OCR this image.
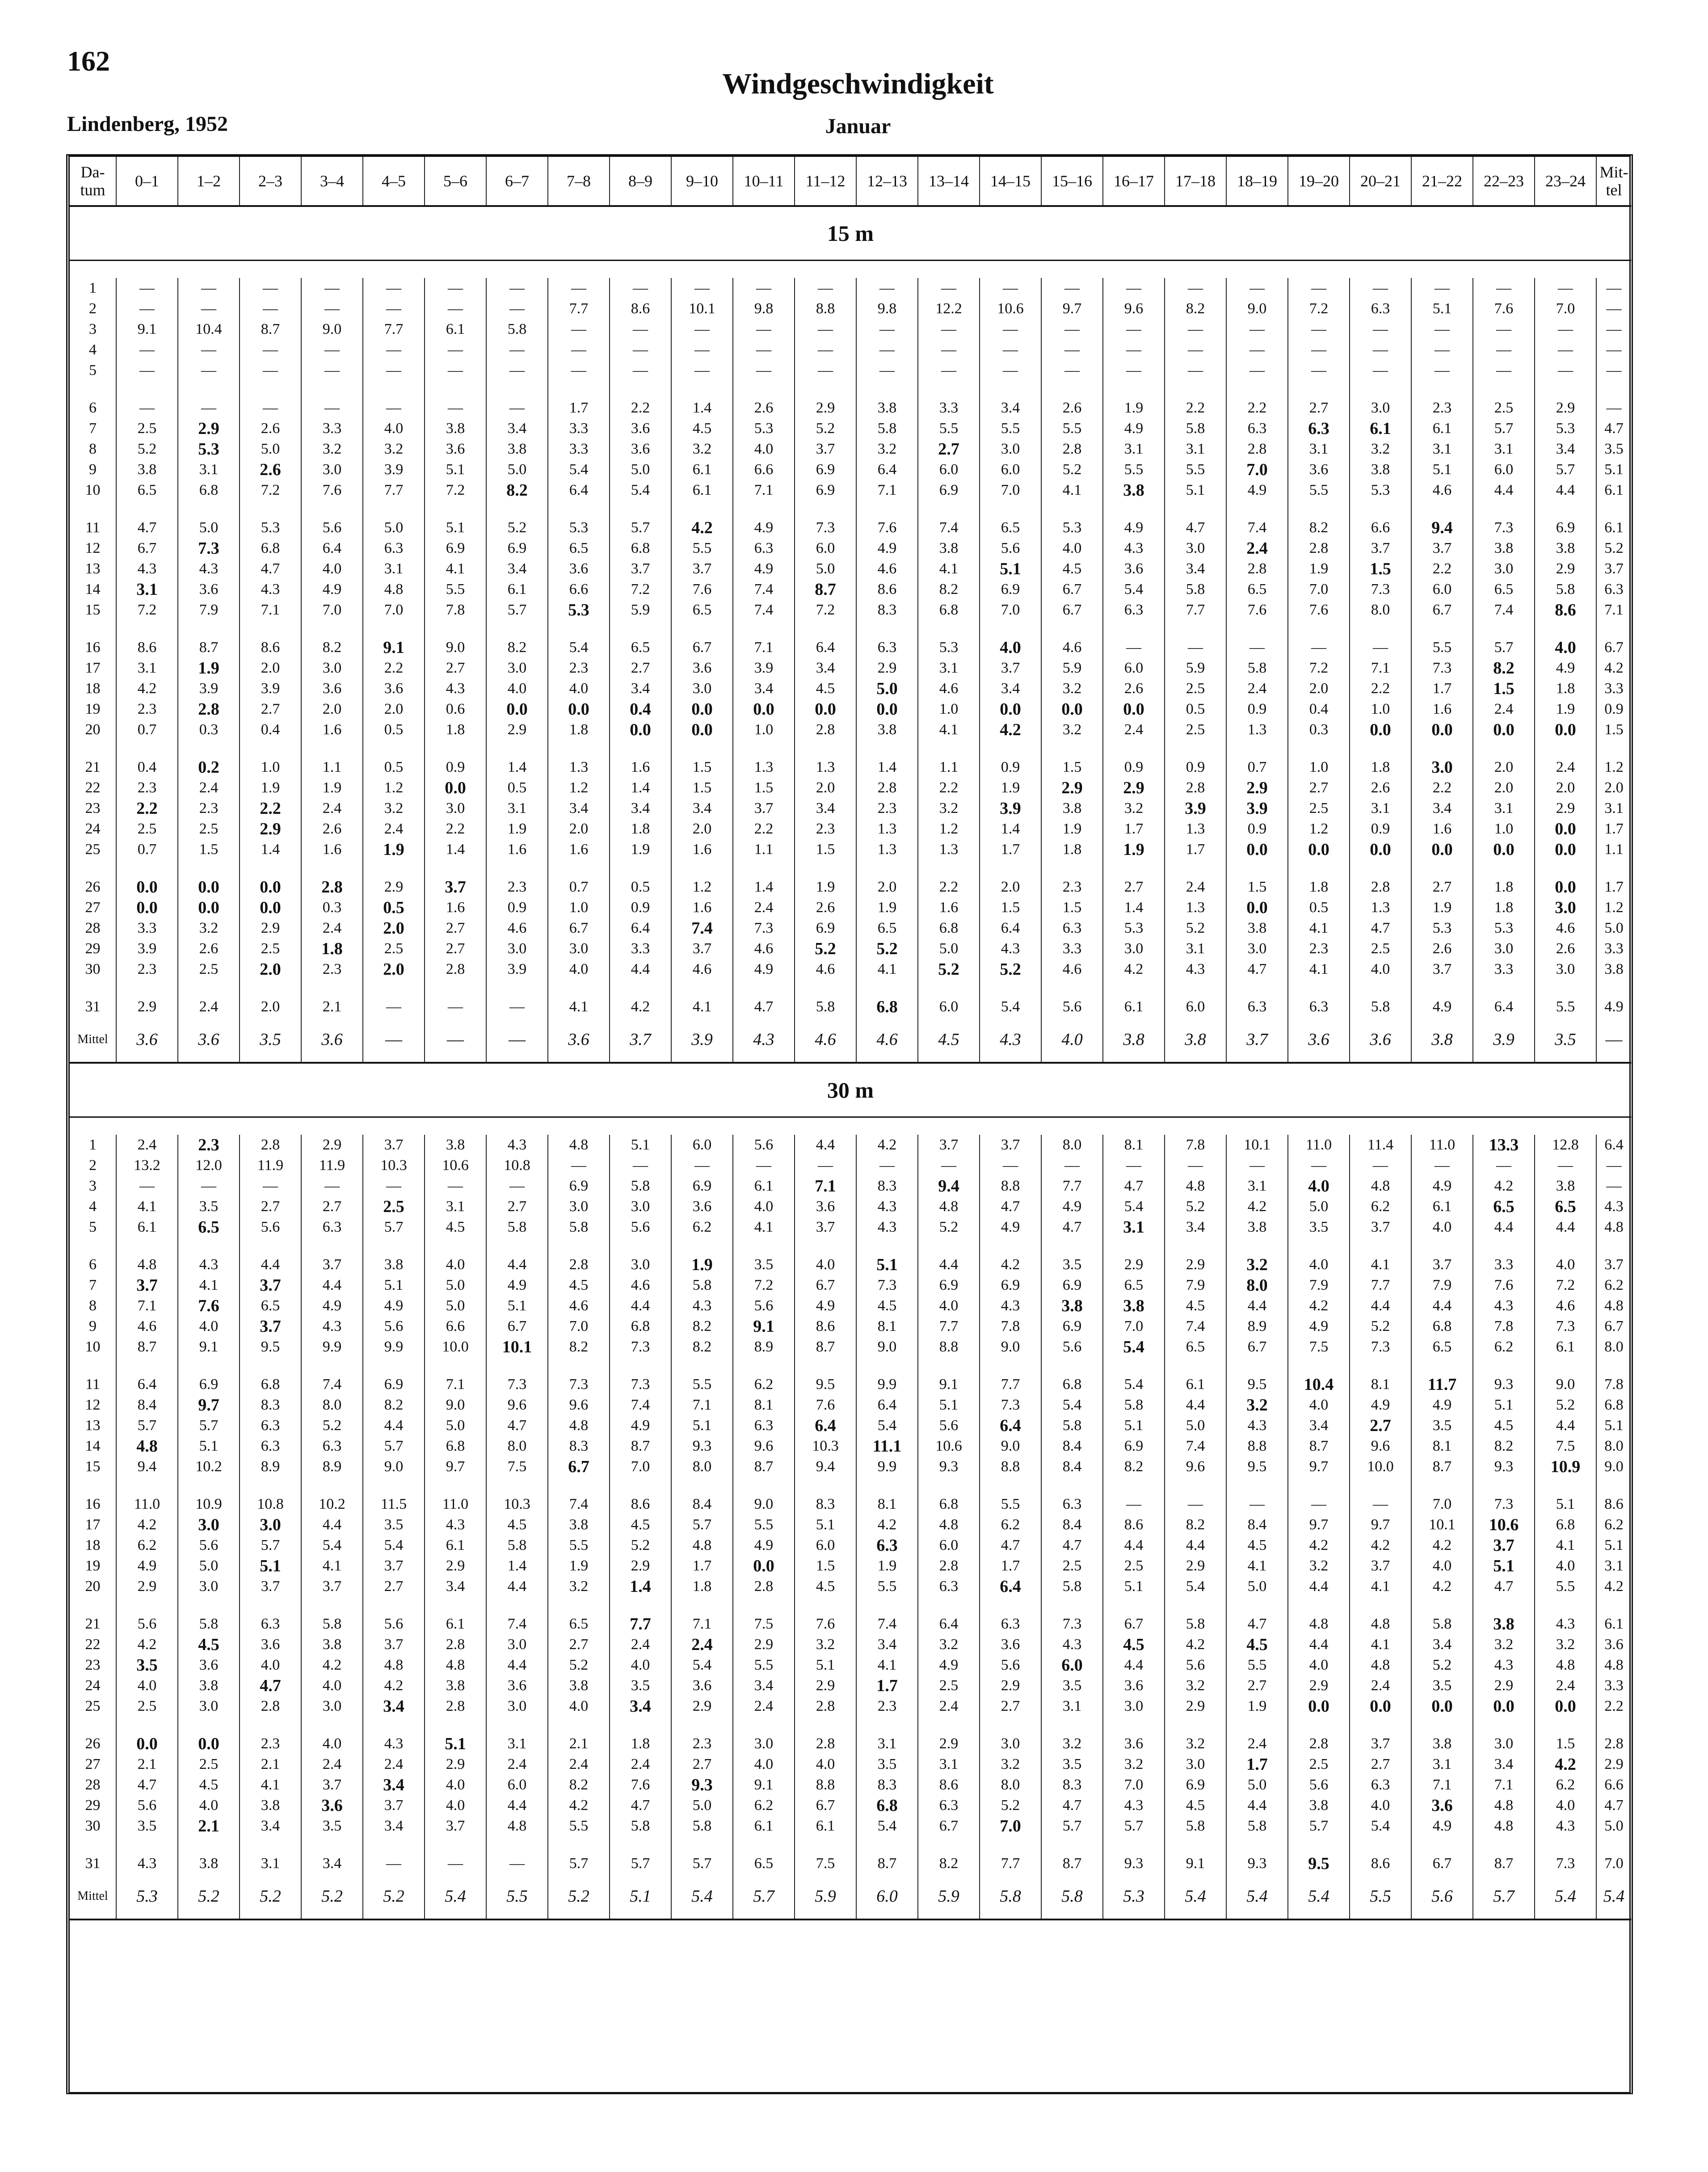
162
Lindenberg, 1952
Windgeschwindigkeit
Januar
Da-
tum	0–1	1–2	2–3	3–4	4–5	5–6	6–7	7–8	8–9	9–10	10–11	11–12	12–13	13–14	14–15	15–16	16–17	17–18	18–19	19–20	20–21	21–22	22–23	23–24	Mit-
tel
15 m																									

1	—	—	—	—	—	—	—	—	—	—	—	—	—	—	—	—	—	—	—	—	—	—	—	—	—
2	—	—	—	—	—	—	—	7.7	8.6	10.1	9.8	8.8	9.8	12.2	10.6	9.7	9.6	8.2	9.0	7.2	6.3	5.1	7.6	7.0	—
3	9.1	10.4	8.7	9.0	7.7	6.1	5.8	—	—	—	—	—	—	—	—	—	—	—	—	—	—	—	—	—	—
4	—	—	—	—	—	—	—	—	—	—	—	—	—	—	—	—	—	—	—	—	—	—	—	—	—
5	—	—	—	—	—	—	—	—	—	—	—	—	—	—	—	—	—	—	—	—	—	—	—	—	—

6	—	—	—	—	—	—	—	1.7	2.2	1.4	2.6	2.9	3.8	3.3	3.4	2.6	1.9	2.2	2.2	2.7	3.0	2.3	2.5	2.9	—
7	2.5	2.9	2.6	3.3	4.0	3.8	3.4	3.3	3.6	4.5	5.3	5.2	5.8	5.5	5.5	5.5	4.9	5.8	6.3	6.3	6.1	6.1	5.7	5.3	4.7
8	5.2	5.3	5.0	3.2	3.2	3.6	3.8	3.3	3.6	3.2	4.0	3.7	3.2	2.7	3.0	2.8	3.1	3.1	2.8	3.1	3.2	3.1	3.1	3.4	3.5
9	3.8	3.1	2.6	3.0	3.9	5.1	5.0	5.4	5.0	6.1	6.6	6.9	6.4	6.0	6.0	5.2	5.5	5.5	7.0	3.6	3.8	5.1	6.0	5.7	5.1
10	6.5	6.8	7.2	7.6	7.7	7.2	8.2	6.4	5.4	6.1	7.1	6.9	7.1	6.9	7.0	4.1	3.8	5.1	4.9	5.5	5.3	4.6	4.4	4.4	6.1

11	4.7	5.0	5.3	5.6	5.0	5.1	5.2	5.3	5.7	4.2	4.9	7.3	7.6	7.4	6.5	5.3	4.9	4.7	7.4	8.2	6.6	9.4	7.3	6.9	6.1
12	6.7	7.3	6.8	6.4	6.3	6.9	6.9	6.5	6.8	5.5	6.3	6.0	4.9	3.8	5.6	4.0	4.3	3.0	2.4	2.8	3.7	3.7	3.8	3.8	5.2
13	4.3	4.3	4.7	4.0	3.1	4.1	3.4	3.6	3.7	3.7	4.9	5.0	4.6	4.1	5.1	4.5	3.6	3.4	2.8	1.9	1.5	2.2	3.0	2.9	3.7
14	3.1	3.6	4.3	4.9	4.8	5.5	6.1	6.6	7.2	7.6	7.4	8.7	8.6	8.2	6.9	6.7	5.4	5.8	6.5	7.0	7.3	6.0	6.5	5.8	6.3
15	7.2	7.9	7.1	7.0	7.0	7.8	5.7	5.3	5.9	6.5	7.4	7.2	8.3	6.8	7.0	6.7	6.3	7.7	7.6	7.6	8.0	6.7	7.4	8.6	7.1

16	8.6	8.7	8.6	8.2	9.1	9.0	8.2	5.4	6.5	6.7	7.1	6.4	6.3	5.3	4.0	4.6	—	—	—	—	—	5.5	5.7	4.0	6.7
17	3.1	1.9	2.0	3.0	2.2	2.7	3.0	2.3	2.7	3.6	3.9	3.4	2.9	3.1	3.7	5.9	6.0	5.9	5.8	7.2	7.1	7.3	8.2	4.9	4.2
18	4.2	3.9	3.9	3.6	3.6	4.3	4.0	4.0	3.4	3.0	3.4	4.5	5.0	4.6	3.4	3.2	2.6	2.5	2.4	2.0	2.2	1.7	1.5	1.8	3.3
19	2.3	2.8	2.7	2.0	2.0	0.6	0.0	0.0	0.4	0.0	0.0	0.0	0.0	1.0	0.0	0.0	0.0	0.5	0.9	0.4	1.0	1.6	2.4	1.9	0.9
20	0.7	0.3	0.4	1.6	0.5	1.8	2.9	1.8	0.0	0.0	1.0	2.8	3.8	4.1	4.2	3.2	2.4	2.5	1.3	0.3	0.0	0.0	0.0	0.0	1.5

21	0.4	0.2	1.0	1.1	0.5	0.9	1.4	1.3	1.6	1.5	1.3	1.3	1.4	1.1	0.9	1.5	0.9	0.9	0.7	1.0	1.8	3.0	2.0	2.4	1.2
22	2.3	2.4	1.9	1.9	1.2	0.0	0.5	1.2	1.4	1.5	1.5	2.0	2.8	2.2	1.9	2.9	2.9	2.8	2.9	2.7	2.6	2.2	2.0	2.0	2.0
23	2.2	2.3	2.2	2.4	3.2	3.0	3.1	3.4	3.4	3.4	3.7	3.4	2.3	3.2	3.9	3.8	3.2	3.9	3.9	2.5	3.1	3.4	3.1	2.9	3.1
24	2.5	2.5	2.9	2.6	2.4	2.2	1.9	2.0	1.8	2.0	2.2	2.3	1.3	1.2	1.4	1.9	1.7	1.3	0.9	1.2	0.9	1.6	1.0	0.0	1.7
25	0.7	1.5	1.4	1.6	1.9	1.4	1.6	1.6	1.9	1.6	1.1	1.5	1.3	1.3	1.7	1.8	1.9	1.7	0.0	0.0	0.0	0.0	0.0	0.0	1.1

26	0.0	0.0	0.0	2.8	2.9	3.7	2.3	0.7	0.5	1.2	1.4	1.9	2.0	2.2	2.0	2.3	2.7	2.4	1.5	1.8	2.8	2.7	1.8	0.0	1.7
27	0.0	0.0	0.0	0.3	0.5	1.6	0.9	1.0	0.9	1.6	2.4	2.6	1.9	1.6	1.5	1.5	1.4	1.3	0.0	0.5	1.3	1.9	1.8	3.0	1.2
28	3.3	3.2	2.9	2.4	2.0	2.7	4.6	6.7	6.4	7.4	7.3	6.9	6.5	6.8	6.4	6.3	5.3	5.2	3.8	4.1	4.7	5.3	5.3	4.6	5.0
29	3.9	2.6	2.5	1.8	2.5	2.7	3.0	3.0	3.3	3.7	4.6	5.2	5.2	5.0	4.3	3.3	3.0	3.1	3.0	2.3	2.5	2.6	3.0	2.6	3.3
30	2.3	2.5	2.0	2.3	2.0	2.8	3.9	4.0	4.4	4.6	4.9	4.6	4.1	5.2	5.2	4.6	4.2	4.3	4.7	4.1	4.0	3.7	3.3	3.0	3.8

31	2.9	2.4	2.0	2.1	—	—	—	4.1	4.2	4.1	4.7	5.8	6.8	6.0	5.4	5.6	6.1	6.0	6.3	6.3	5.8	4.9	6.4	5.5	4.9
Mittel	3.6	3.6	3.5	3.6	—	—	—	3.6	3.7	3.9	4.3	4.6	4.6	4.5	4.3	4.0	3.8	3.8	3.7	3.6	3.6	3.8	3.9	3.5	—
30 m																									

1	2.4	2.3	2.8	2.9	3.7	3.8	4.3	4.8	5.1	6.0	5.6	4.4	4.2	3.7	3.7	8.0	8.1	7.8	10.1	11.0	11.4	11.0	13.3	12.8	6.4
2	13.2	12.0	11.9	11.9	10.3	10.6	10.8	—	—	—	—	—	—	—	—	—	—	—	—	—	—	—	—	—	—
3	—	—	—	—	—	—	—	6.9	5.8	6.9	6.1	7.1	8.3	9.4	8.8	7.7	4.7	4.8	3.1	4.0	4.8	4.9	4.2	3.8	—
4	4.1	3.5	2.7	2.7	2.5	3.1	2.7	3.0	3.0	3.6	4.0	3.6	4.3	4.8	4.7	4.9	5.4	5.2	4.2	5.0	6.2	6.1	6.5	6.5	4.3
5	6.1	6.5	5.6	6.3	5.7	4.5	5.8	5.8	5.6	6.2	4.1	3.7	4.3	5.2	4.9	4.7	3.1	3.4	3.8	3.5	3.7	4.0	4.4	4.4	4.8

6	4.8	4.3	4.4	3.7	3.8	4.0	4.4	2.8	3.0	1.9	3.5	4.0	5.1	4.4	4.2	3.5	2.9	2.9	3.2	4.0	4.1	3.7	3.3	4.0	3.7
7	3.7	4.1	3.7	4.4	5.1	5.0	4.9	4.5	4.6	5.8	7.2	6.7	7.3	6.9	6.9	6.9	6.5	7.9	8.0	7.9	7.7	7.9	7.6	7.2	6.2
8	7.1	7.6	6.5	4.9	4.9	5.0	5.1	4.6	4.4	4.3	5.6	4.9	4.5	4.0	4.3	3.8	3.8	4.5	4.4	4.2	4.4	4.4	4.3	4.6	4.8
9	4.6	4.0	3.7	4.3	5.6	6.6	6.7	7.0	6.8	8.2	9.1	8.6	8.1	7.7	7.8	6.9	7.0	7.4	8.9	4.9	5.2	6.8	7.8	7.3	6.7
10	8.7	9.1	9.5	9.9	9.9	10.0	10.1	8.2	7.3	8.2	8.9	8.7	9.0	8.8	9.0	5.6	5.4	6.5	6.7	7.5	7.3	6.5	6.2	6.1	8.0

11	6.4	6.9	6.8	7.4	6.9	7.1	7.3	7.3	7.3	5.5	6.2	9.5	9.9	9.1	7.7	6.8	5.4	6.1	9.5	10.4	8.1	11.7	9.3	9.0	7.8
12	8.4	9.7	8.3	8.0	8.2	9.0	9.6	9.6	7.4	7.1	8.1	7.6	6.4	5.1	7.3	5.4	5.8	4.4	3.2	4.0	4.9	4.9	5.1	5.2	6.8
13	5.7	5.7	6.3	5.2	4.4	5.0	4.7	4.8	4.9	5.1	6.3	6.4	5.4	5.6	6.4	5.8	5.1	5.0	4.3	3.4	2.7	3.5	4.5	4.4	5.1
14	4.8	5.1	6.3	6.3	5.7	6.8	8.0	8.3	8.7	9.3	9.6	10.3	11.1	10.6	9.0	8.4	6.9	7.4	8.8	8.7	9.6	8.1	8.2	7.5	8.0
15	9.4	10.2	8.9	8.9	9.0	9.7	7.5	6.7	7.0	8.0	8.7	9.4	9.9	9.3	8.8	8.4	8.2	9.6	9.5	9.7	10.0	8.7	9.3	10.9	9.0

16	11.0	10.9	10.8	10.2	11.5	11.0	10.3	7.4	8.6	8.4	9.0	8.3	8.1	6.8	5.5	6.3	—	—	—	—	—	7.0	7.3	5.1	8.6
17	4.2	3.0	3.0	4.4	3.5	4.3	4.5	3.8	4.5	5.7	5.5	5.1	4.2	4.8	6.2	8.4	8.6	8.2	8.4	9.7	9.7	10.1	10.6	6.8	6.2
18	6.2	5.6	5.7	5.4	5.4	6.1	5.8	5.5	5.2	4.8	4.9	6.0	6.3	6.0	4.7	4.7	4.4	4.4	4.5	4.2	4.2	4.2	3.7	4.1	5.1
19	4.9	5.0	5.1	4.1	3.7	2.9	1.4	1.9	2.9	1.7	0.0	1.5	1.9	2.8	1.7	2.5	2.5	2.9	4.1	3.2	3.7	4.0	5.1	4.0	3.1
20	2.9	3.0	3.7	3.7	2.7	3.4	4.4	3.2	1.4	1.8	2.8	4.5	5.5	6.3	6.4	5.8	5.1	5.4	5.0	4.4	4.1	4.2	4.7	5.5	4.2

21	5.6	5.8	6.3	5.8	5.6	6.1	7.4	6.5	7.7	7.1	7.5	7.6	7.4	6.4	6.3	7.3	6.7	5.8	4.7	4.8	4.8	5.8	3.8	4.3	6.1
22	4.2	4.5	3.6	3.8	3.7	2.8	3.0	2.7	2.4	2.4	2.9	3.2	3.4	3.2	3.6	4.3	4.5	4.2	4.5	4.4	4.1	3.4	3.2	3.2	3.6
23	3.5	3.6	4.0	4.2	4.8	4.8	4.4	5.2	4.0	5.4	5.5	5.1	4.1	4.9	5.6	6.0	4.4	5.6	5.5	4.0	4.8	5.2	4.3	4.8	4.8
24	4.0	3.8	4.7	4.0	4.2	3.8	3.6	3.8	3.5	3.6	3.4	2.9	1.7	2.5	2.9	3.5	3.6	3.2	2.7	2.9	2.4	3.5	2.9	2.4	3.3
25	2.5	3.0	2.8	3.0	3.4	2.8	3.0	4.0	3.4	2.9	2.4	2.8	2.3	2.4	2.7	3.1	3.0	2.9	1.9	0.0	0.0	0.0	0.0	0.0	2.2

26	0.0	0.0	2.3	4.0	4.3	5.1	3.1	2.1	1.8	2.3	3.0	2.8	3.1	2.9	3.0	3.2	3.6	3.2	2.4	2.8	3.7	3.8	3.0	1.5	2.8
27	2.1	2.5	2.1	2.4	2.4	2.9	2.4	2.4	2.4	2.7	4.0	4.0	3.5	3.1	3.2	3.5	3.2	3.0	1.7	2.5	2.7	3.1	3.4	4.2	2.9
28	4.7	4.5	4.1	3.7	3.4	4.0	6.0	8.2	7.6	9.3	9.1	8.8	8.3	8.6	8.0	8.3	7.0	6.9	5.0	5.6	6.3	7.1	7.1	6.2	6.6
29	5.6	4.0	3.8	3.6	3.7	4.0	4.4	4.2	4.7	5.0	6.2	6.7	6.8	6.3	5.2	4.7	4.3	4.5	4.4	3.8	4.0	3.6	4.8	4.0	4.7
30	3.5	2.1	3.4	3.5	3.4	3.7	4.8	5.5	5.8	5.8	6.1	6.1	5.4	6.7	7.0	5.7	5.7	5.8	5.8	5.7	5.4	4.9	4.8	4.3	5.0

31	4.3	3.8	3.1	3.4	—	—	—	5.7	5.7	5.7	6.5	7.5	8.7	8.2	7.7	8.7	9.3	9.1	9.3	9.5	8.6	6.7	8.7	7.3	7.0
Mittel	5.3	5.2	5.2	5.2	5.2	5.4	5.5	5.2	5.1	5.4	5.7	5.9	6.0	5.9	5.8	5.8	5.3	5.4	5.4	5.4	5.5	5.6	5.7	5.4	5.4
